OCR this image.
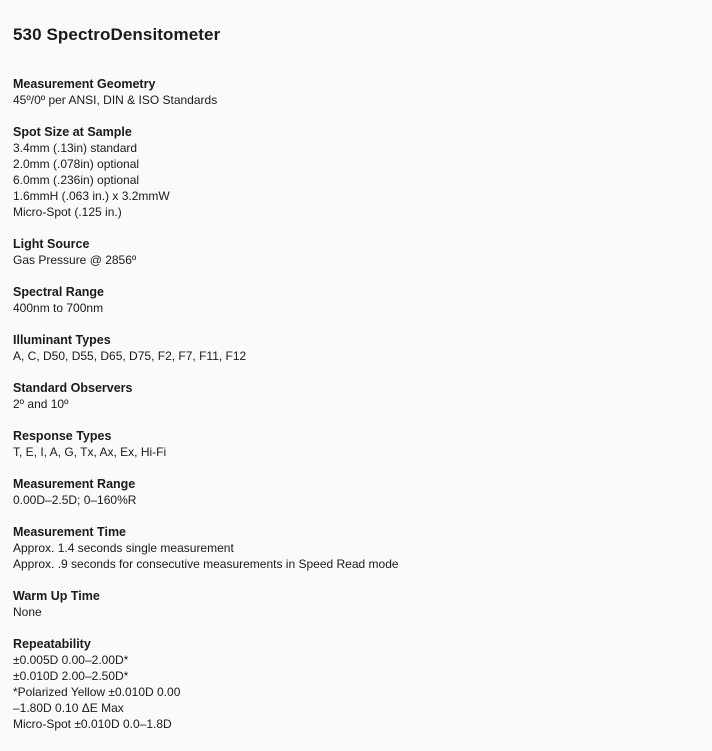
530 SpectroDensitometer

Measurement Geometry

45º/0º per ANSI, DIN & ISO Standards

Spot Size at Sample

3.4mm (.13in) standard

2.0mm (.078in) optional

6.0mm (.236in) optional

1.6mmH (.063 in.) x 3.2mmW

Micro-Spot (.125 in.)

Light Source

Gas Pressure @ 2856º

Spectral Range

400nm to 700nm

Illuminant Types

A, C, D50, D55, D65, D75, F2, F7, F11, F12

Standard Observers

2º and 10º

Response Types

T, E, I, A, G, Tx, Ax, Ex, Hi-Fi

Measurement Range

0.00D–2.5D; 0–160%R

Measurement Time

Approx. 1.4 seconds single measurement

Approx. .9 seconds for consecutive measurements in Speed Read mode

Warm Up Time

None

Repeatability

±0.005D 0.00–2.00D*

±0.010D 2.00–2.50D*

*Polarized Yellow ±0.010D 0.00

–1.80D 0.10 ΔE Max

Micro-Spot ±0.010D 0.0–1.8D
